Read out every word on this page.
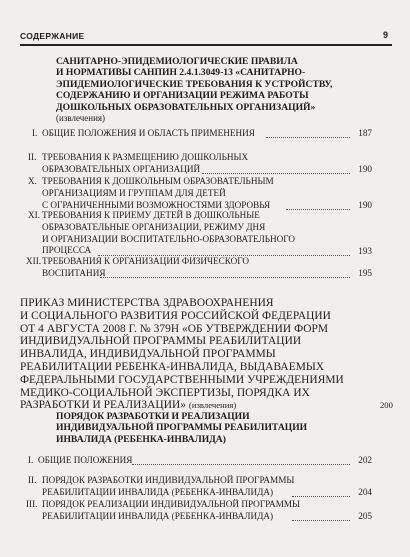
СОДЕРЖАНИЕ	9
САНИТАРНО-ЭПИДЕМИОЛОГИЧЕСКИЕ ПРАВИЛА
И НОРМАТИВЫ САНПИН 2.4.1.3049-13 «САНИТАРНО-
ЭПИДЕМИОЛОГИЧЕСКИЕ ТРЕБОВАНИЯ К УСТРОЙСТВУ,
СОДЕРЖАНИЮ И ОРГАНИЗАЦИИ РЕЖИМА РАБОТЫ
ДОШКОЛЬНЫХ ОБРАЗОВАТЕЛЬНЫХ ОРГАНИЗАЦИЙ»
(извлечения)
I. ОБЩИЕ ПОЛОЖЕНИЯ И ОБЛАСТЬ ПРИМЕНЕНИЯ	187
II. ТРЕБОВАНИЯ К РАЗМЕЩЕНИЮ ДОШКОЛЬНЫХ
ОБРАЗОВАТЕЛЬНЫХ ОРГАНИЗАЦИЙ	190
X. ТРЕБОВАНИЯ К ДОШКОЛЬНЫМ ОБРАЗОВАТЕЛЬНЫМ
ОРГАНИЗАЦИЯМ И ГРУППАМ ДЛЯ ДЕТЕЙ
С ОГРАНИЧЕННЫМИ ВОЗМОЖНОСТЯМИ ЗДОРОВЬЯ	190
XI. ТРЕБОВАНИЯ К ПРИЕМУ ДЕТЕЙ В ДОШКОЛЬНЫЕ
ОБРАЗОВАТЕЛЬНЫЕ ОРГАНИЗАЦИИ, РЕЖИМУ ДНЯ
И ОРГАНИЗАЦИИ ВОСПИТАТЕЛЬНО-ОБРАЗОВАТЕЛЬНОГО
ПРОЦЕССА	193
XII. ТРЕБОВАНИЯ К ОРГАНИЗАЦИИ ФИЗИЧЕСКОГО
ВОСПИТАНИЯ	195
ПРИКАЗ МИНИСТЕРСТВА ЗДРАВООХРАНЕНИЯ
И СОЦИАЛЬНОГО РАЗВИТИЯ РОССИЙСКОЙ ФЕДЕРАЦИИ
ОТ 4 АВГУСТА 2008 Г. № 379Н «ОБ УТВЕРЖДЕНИИ ФОРМ
ИНДИВИДУАЛЬНОЙ ПРОГРАММЫ РЕАБИЛИТАЦИИ
ИНВАЛИДА, ИНДИВИДУАЛЬНОЙ ПРОГРАММЫ
РЕАБИЛИТАЦИИ РЕБЕНКА-ИНВАЛИДА, ВЫДАВАЕМЫХ
ФЕДЕРАЛЬНЫМИ ГОСУДАРСТВЕННЫМИ УЧРЕЖДЕНИЯМИ
МЕДИКО-СОЦИАЛЬНОЙ ЭКСПЕРТИЗЫ, ПОРЯДКА ИХ
РАЗРАБОТКИ И РЕАЛИЗАЦИИ» (извлечения)	200
ПОРЯДОК РАЗРАБОТКИ И РЕАЛИЗАЦИИ
ИНДИВИДУАЛЬНОЙ ПРОГРАММЫ РЕАБИЛИТАЦИИ
ИНВАЛИДА (РЕБЕНКА-ИНВАЛИДА)
I. ОБЩИЕ ПОЛОЖЕНИЯ	202
II. ПОРЯДОК РАЗРАБОТКИ ИНДИВИДУАЛЬНОЙ ПРОГРАММЫ
РЕАБИЛИТАЦИИ ИНВАЛИДА (РЕБЕНКА-ИНВАЛИДА)	204
III. ПОРЯДОК РЕАЛИЗАЦИИ ИНДИВИДУАЛЬНОЙ ПРОГРАММЫ
РЕАБИЛИТАЦИИ ИНВАЛИДА (РЕБЕНКА-ИНВАЛИДА)	205
